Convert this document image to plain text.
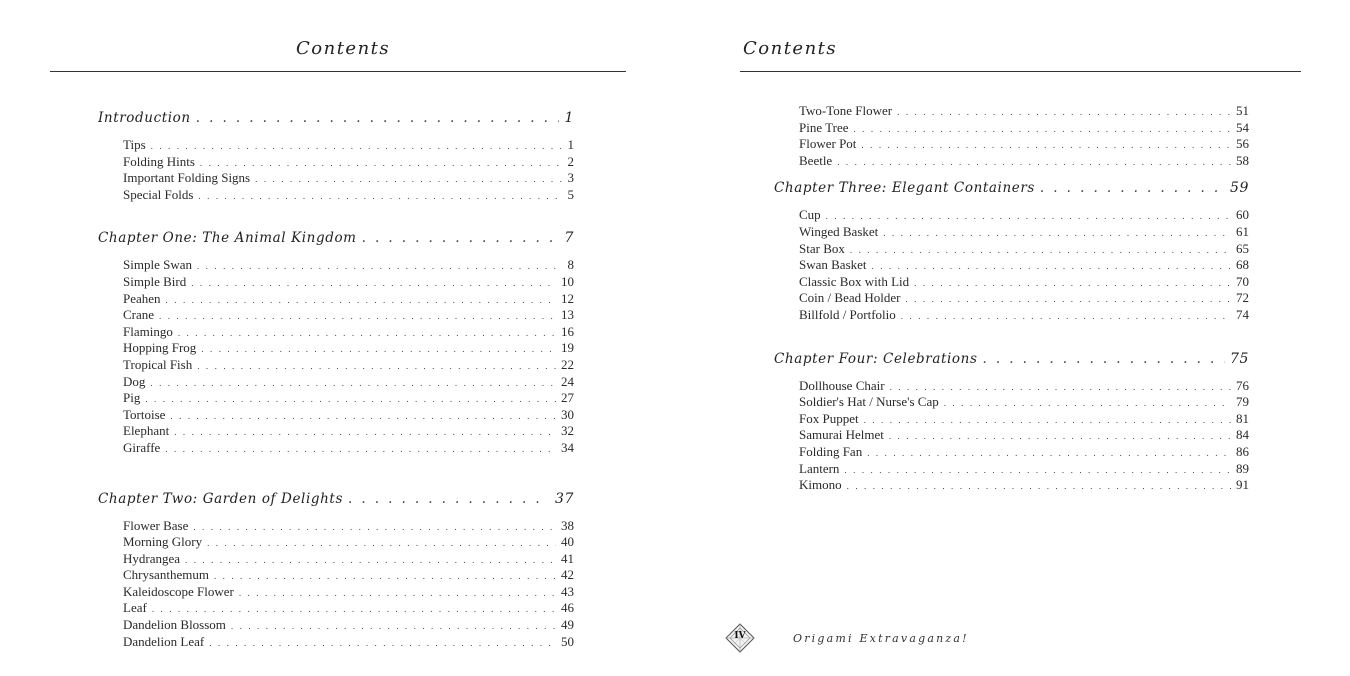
Contents
Introduction . . .	1
Tips . . .	1
Folding Hints . . .	2
Important Folding Signs . . .	3
Special Folds . . .	5
Chapter One: The Animal Kingdom . . .	7
Simple Swan . . .	8
Simple Bird . . .	10
Peahen . . .	12
Crane . . .	13
Flamingo . . .	16
Hopping Frog . . .	19
Tropical Fish . . .	22
Dog . . .	24
Pig . . .	27
Tortoise . . .	30
Elephant . . .	32
Giraffe . . .	34
Chapter Two: Garden of Delights . . .	37
Flower Base . . .	38
Morning Glory . . .	40
Hydrangea . . .	41
Chrysanthemum . . .	42
Kaleidoscope Flower . . .	43
Leaf . . .	46
Dandelion Blossom . . .	49
Dandelion Leaf . . .	50
Contents
Two-Tone Flower . . .	51
Pine Tree . . .	54
Flower Pot . . .	56
Beetle . . .	58
Chapter Three: Elegant Containers . . .	59
Cup . . .	60
Winged Basket . . .	61
Star Box . . .	65
Swan Basket . . .	68
Classic Box with Lid . . .	70
Coin / Bead Holder . . .	72
Billfold / Portfolio . . .	74
Chapter Four: Celebrations . . .	75
Dollhouse Chair . . .	76
Soldier's Hat / Nurse's Cap . . .	79
Fox Puppet . . .	81
Samurai Helmet . . .	84
Folding Fan . . .	86
Lantern . . .	89
Kimono . . .	91
IV	Origami Extravaganza!
